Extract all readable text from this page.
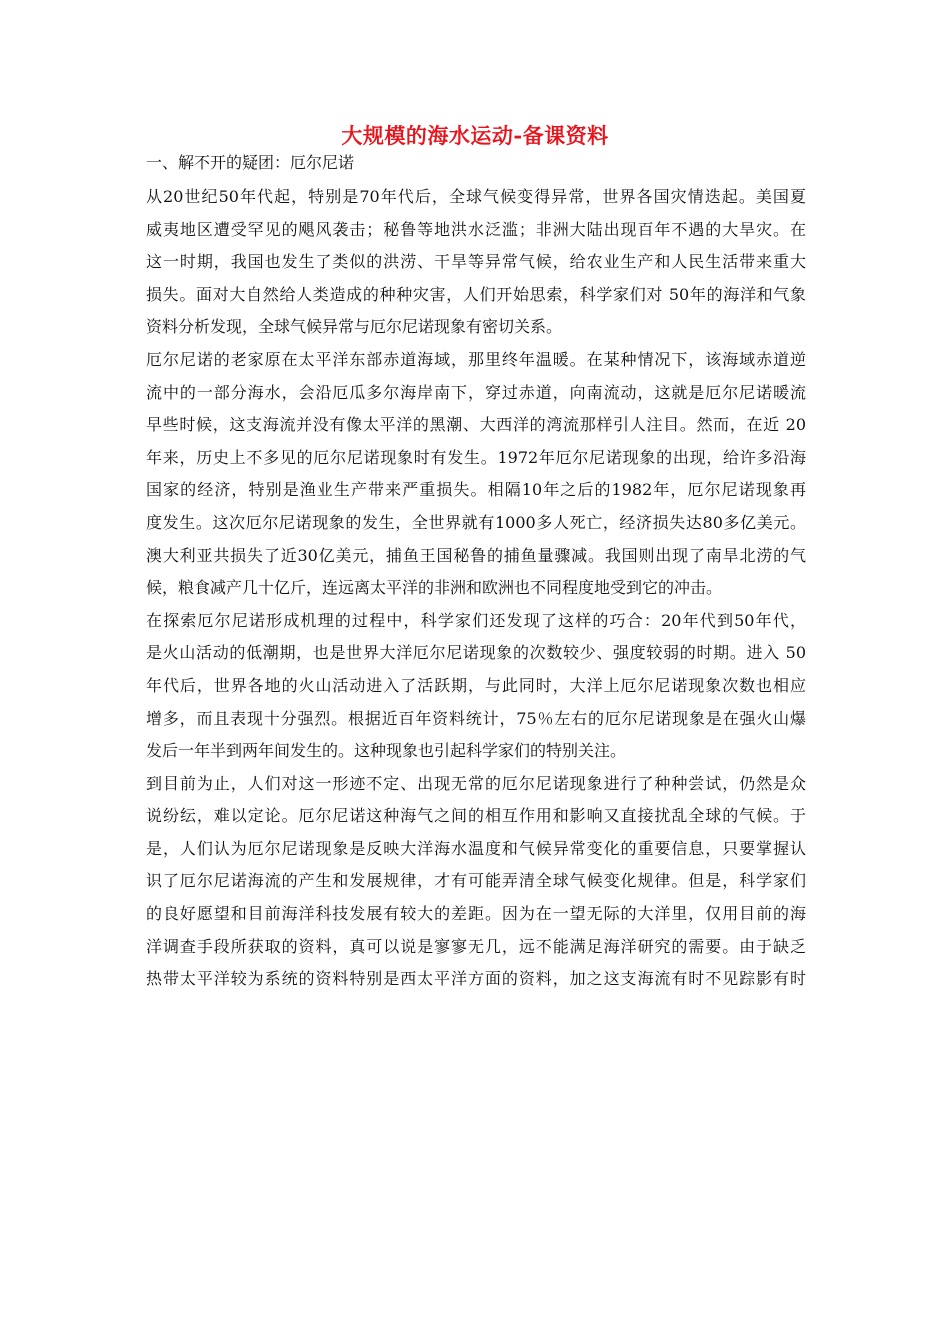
大规模的海水运动-备课资料

一、解不开的疑团：厄尔尼诺

从20世纪50年代起，特别是70年代后，全球气候变得异常，世界各国灾情迭起。美国夏
威夷地区遭受罕见的飓风袭击；秘鲁等地洪水泛滥；非洲大陆出现百年不遇的大旱灾。在
这一时期，我国也发生了类似的洪涝、干旱等异常气候，给农业生产和人民生活带来重大
损失。面对大自然给人类造成的种种灾害，人们开始思索，科学家们对 50年的海洋和气象
资料分析发现，全球气候异常与厄尔尼诺现象有密切关系。
厄尔尼诺的老家原在太平洋东部赤道海域，那里终年温暖。在某种情况下，该海域赤道逆
流中的一部分海水，会沿厄瓜多尔海岸南下，穿过赤道，向南流动，这就是厄尔尼诺暖流
早些时候，这支海流并没有像太平洋的黑潮、大西洋的湾流那样引人注目。然而，在近 20
年来，历史上不多见的厄尔尼诺现象时有发生。1972年厄尔尼诺现象的出现，给许多沿海
国家的经济，特别是渔业生产带来严重损失。相隔10年之后的1982年，厄尔尼诺现象再
度发生。这次厄尔尼诺现象的发生，全世界就有1000多人死亡，经济损失达80多亿美元。
澳大利亚共损失了近30亿美元，捕鱼王国秘鲁的捕鱼量骤减。我国则出现了南旱北涝的气
候，粮食减产几十亿斤，连远离太平洋的非洲和欧洲也不同程度地受到它的冲击。
在探索厄尔尼诺形成机理的过程中，科学家们还发现了这样的巧合：20年代到50年代，
是火山活动的低潮期，也是世界大洋厄尔尼诺现象的次数较少、强度较弱的时期。进入 50
年代后，世界各地的火山活动进入了活跃期，与此同时，大洋上厄尔尼诺现象次数也相应
增多，而且表现十分强烈。根据近百年资料统计，75％左右的厄尔尼诺现象是在强火山爆
发后一年半到两年间发生的。这种现象也引起科学家们的特别关注。
到目前为止，人们对这一形迹不定、出现无常的厄尔尼诺现象进行了种种尝试，仍然是众
说纷纭，难以定论。厄尔尼诺这种海气之间的相互作用和影响又直接扰乱全球的气候。于
是，人们认为厄尔尼诺现象是反映大洋海水温度和气候异常变化的重要信息，只要掌握认
识了厄尔尼诺海流的产生和发展规律，才有可能弄清全球气候变化规律。但是，科学家们
的良好愿望和目前海洋科技发展有较大的差距。因为在一望无际的大洋里，仅用目前的海
洋调查手段所获取的资料，真可以说是寥寥无几，远不能满足海洋研究的需要。由于缺乏
热带太平洋较为系统的资料特别是西太平洋方面的资料，加之这支海流有时不见踪影有时
